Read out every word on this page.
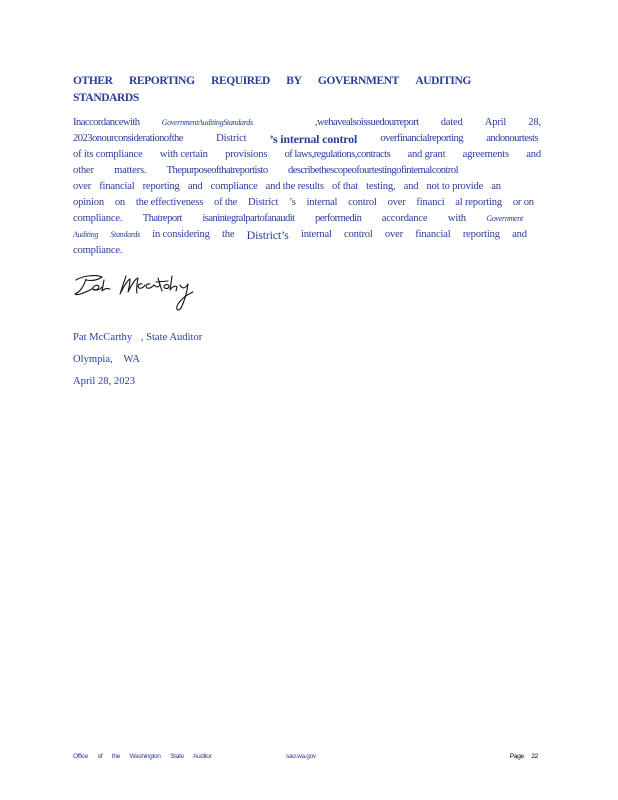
OTHER REPORTING REQUIRED BY GOVERNMENT AUDITING
STANDARDS
Inaccordancewith	GovernmentAuditingStandards	,wehavealsoissuedourreport dated April 28,
2023onourconsiderationofthe	District ’s internal control overfinancialreporting andonourtests
of its compliance with certain provisions of laws,regulations,contracts and grant agreements and
other matters. Thepurposeofthatreportisto describethescopeofourtestingofinternalcontrol
over financial reporting and compliance and the results of that testing, and not to provide an
opinion on the effectiveness of the District ’s internal control over financi al reporting or on
compliance. Thatreport isanintegralpartofanaudit performedin accordance with	Government
Auditing Standards in considering the District’s internal control over financial reporting and
compliance.
Pat McCarthy , State Auditor
Olympia, WA
April 28, 2023
Office of the Washington State Auditor	sao.wa.gov	Page 22
